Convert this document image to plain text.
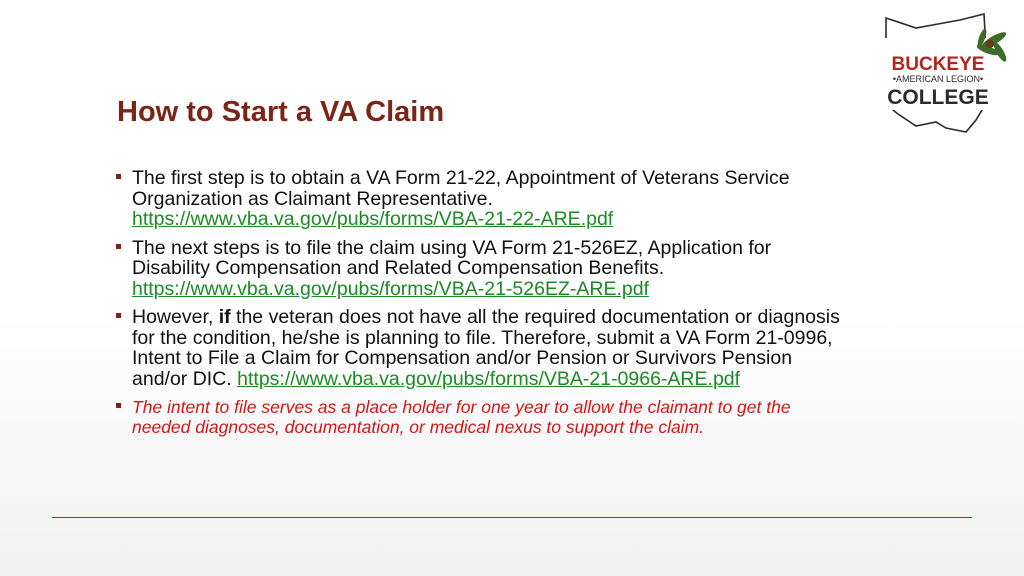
BUCKEYE
•AMERICAN LEGION•
COLLEGE
How to Start a VA Claim
The first step is to obtain a VA Form 21-22, Appointment of Veterans Service
Organization as Claimant Representative.
https://www.vba.va.gov/pubs/forms/VBA-21-22-ARE.pdf
The next steps is to file the claim using VA Form 21-526EZ, Application for
Disability Compensation and Related Compensation Benefits.
https://www.vba.va.gov/pubs/forms/VBA-21-526EZ-ARE.pdf
However, if the veteran does not have all the required documentation or diagnosis
for the condition, he/she is planning to file. Therefore, submit a VA Form 21-0996,
Intent to File a Claim for Compensation and/or Pension or Survivors Pension
and/or DIC. https://www.vba.va.gov/pubs/forms/VBA-21-0966-ARE.pdf
The intent to file serves as a place holder for one year to allow the claimant to get the
needed diagnoses, documentation, or medical nexus to support the claim.
